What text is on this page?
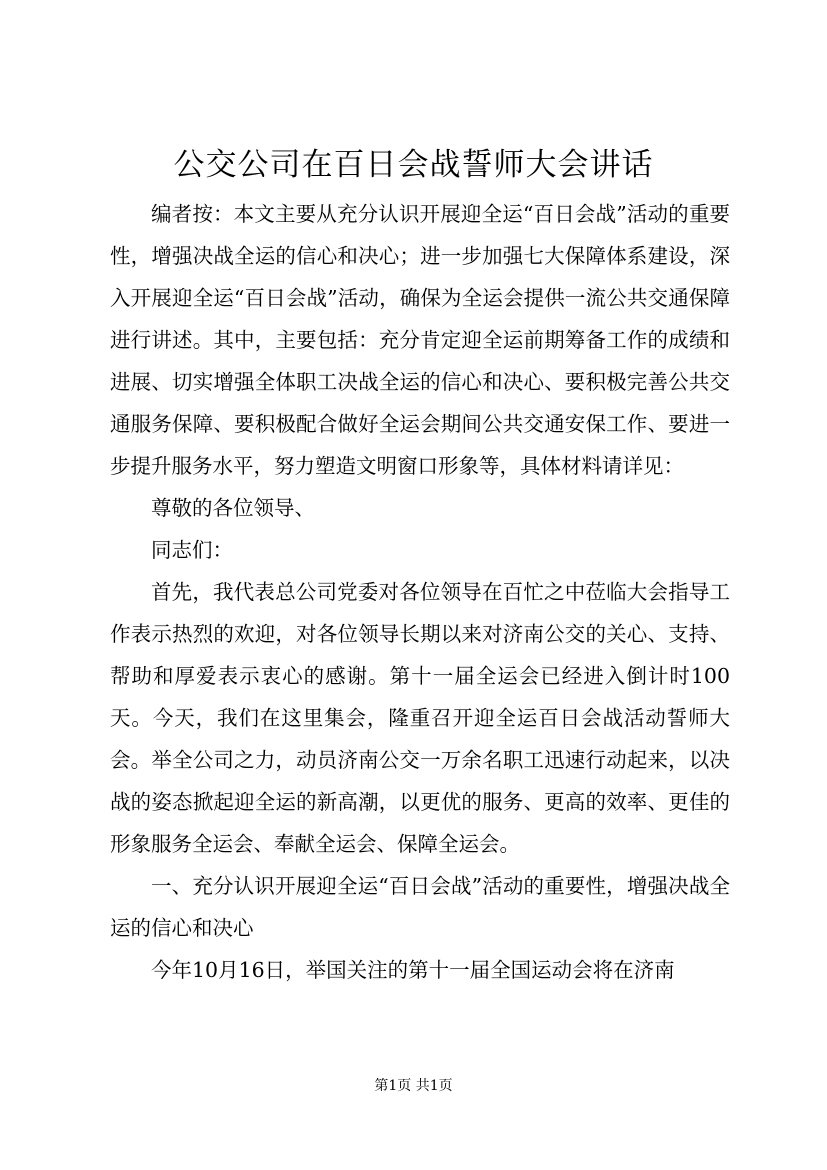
公交公司在百日会战誓师大会讲话

编者按：本文主要从充分认识开展迎全运“百日会战”活动的重要性，增强决战全运的信心和决心；进一步加强七大保障体系建设，深入开展迎全运“百日会战”活动，确保为全运会提供一流公共交通保障进行讲述。其中，主要包括：充分肯定迎全运前期筹备工作的成绩和进展、切实增强全体职工决战全运的信心和决心、要积极完善公共交通服务保障、要积极配合做好全运会期间公共交通安保工作、要进一步提升服务水平，努力塑造文明窗口形象等，具体材料请详见：

尊敬的各位领导、

同志们：

首先，我代表总公司党委对各位领导在百忙之中莅临大会指导工作表示热烈的欢迎，对各位领导长期以来对济南公交的关心、支持、帮助和厚爱表示衷心的感谢。第十一届全运会已经进入倒计时100天。今天，我们在这里集会，隆重召开迎全运百日会战活动誓师大会。举全公司之力，动员济南公交一万余名职工迅速行动起来，以决战的姿态掀起迎全运的新高潮，以更优的服务、更高的效率、更佳的形象服务全运会、奉献全运会、保障全运会。

一、充分认识开展迎全运“百日会战”活动的重要性，增强决战全运的信心和决心

今年10月16日，举国关注的第十一届全国运动会将在济南

第1页 共1页
